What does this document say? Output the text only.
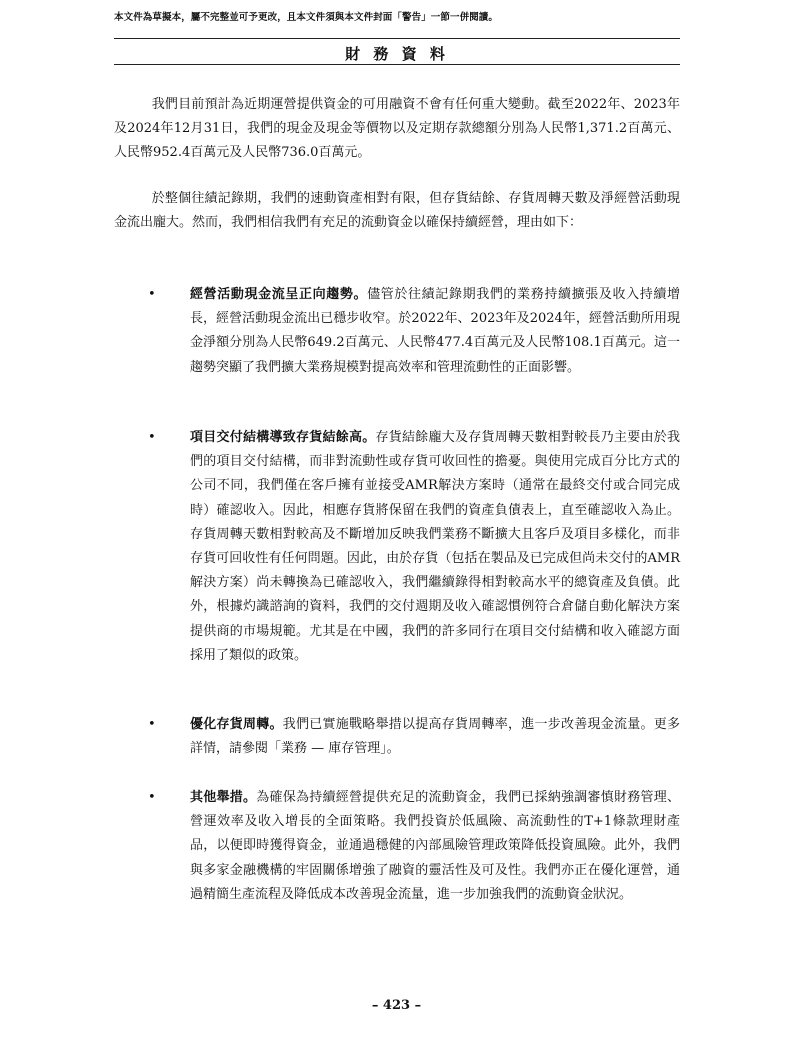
本文件為草擬本，屬不完整並可予更改，且本文件須與本文件封面「警告」一節一併閱讀。
財 務 資 料

我們目前預計為近期運營提供資金的可用融資不會有任何重大變動。截至2022年、2023年及2024年12月31日，我們的現金及現金等價物以及定期存款總額分別為人民幣1,371.2百萬元、人民幣952.4百萬元及人民幣736.0百萬元。

於整個往績記錄期，我們的速動資產相對有限，但存貨結餘、存貨周轉天數及淨經營活動現金流出龐大。然而，我們相信我們有充足的流動資金以確保持續經營，理由如下：

•	經營活動現金流呈正向趨勢。儘管於往績記錄期我們的業務持續擴張及收入持續增長，經營活動現金流出已穩步收窄。於2022年、2023年及2024年，經營活動所用現金淨額分別為人民幣649.2百萬元、人民幣477.4百萬元及人民幣108.1百萬元。這一趨勢突顯了我們擴大業務規模對提高效率和管理流動性的正面影響。
•	項目交付結構導致存貨結餘高。存貨結餘龐大及存貨周轉天數相對較長乃主要由於我們的項目交付結構，而非對流動性或存貨可收回性的擔憂。與使用完成百分比方式的公司不同，我們僅在客戶擁有並接受AMR解決方案時（通常在最終交付或合同完成時）確認收入。因此，相應存貨將保留在我們的資產負債表上，直至確認收入為止。存貨周轉天數相對較高及不斷增加反映我們業務不斷擴大且客戶及項目多樣化，而非存貨可回收性有任何問題。因此，由於存貨（包括在製品及已完成但尚未交付的AMR解決方案）尚未轉換為已確認收入，我們繼續錄得相對較高水平的總資產及負債。此外，根據灼識諮詢的資料，我們的交付週期及收入確認慣例符合倉儲自動化解決方案提供商的市場規範。尤其是在中國，我們的許多同行在項目交付結構和收入確認方面採用了類似的政策。
•	優化存貨周轉。我們已實施戰略舉措以提高存貨周轉率，進一步改善現金流量。更多詳情，請參閱「業務 — 庫存管理」。
•	其他舉措。為確保為持續經營提供充足的流動資金，我們已採納強調審慎財務管理、營運效率及收入增長的全面策略。我們投資於低風險、高流動性的T+1條款理財產品，以便即時獲得資金，並通過穩健的內部風險管理政策降低投資風險。此外，我們與多家金融機構的牢固關係增強了融資的靈活性及可及性。我們亦正在優化運營，通過精簡生產流程及降低成本改善現金流量，進一步加強我們的流動資金狀況。
– 423 –
